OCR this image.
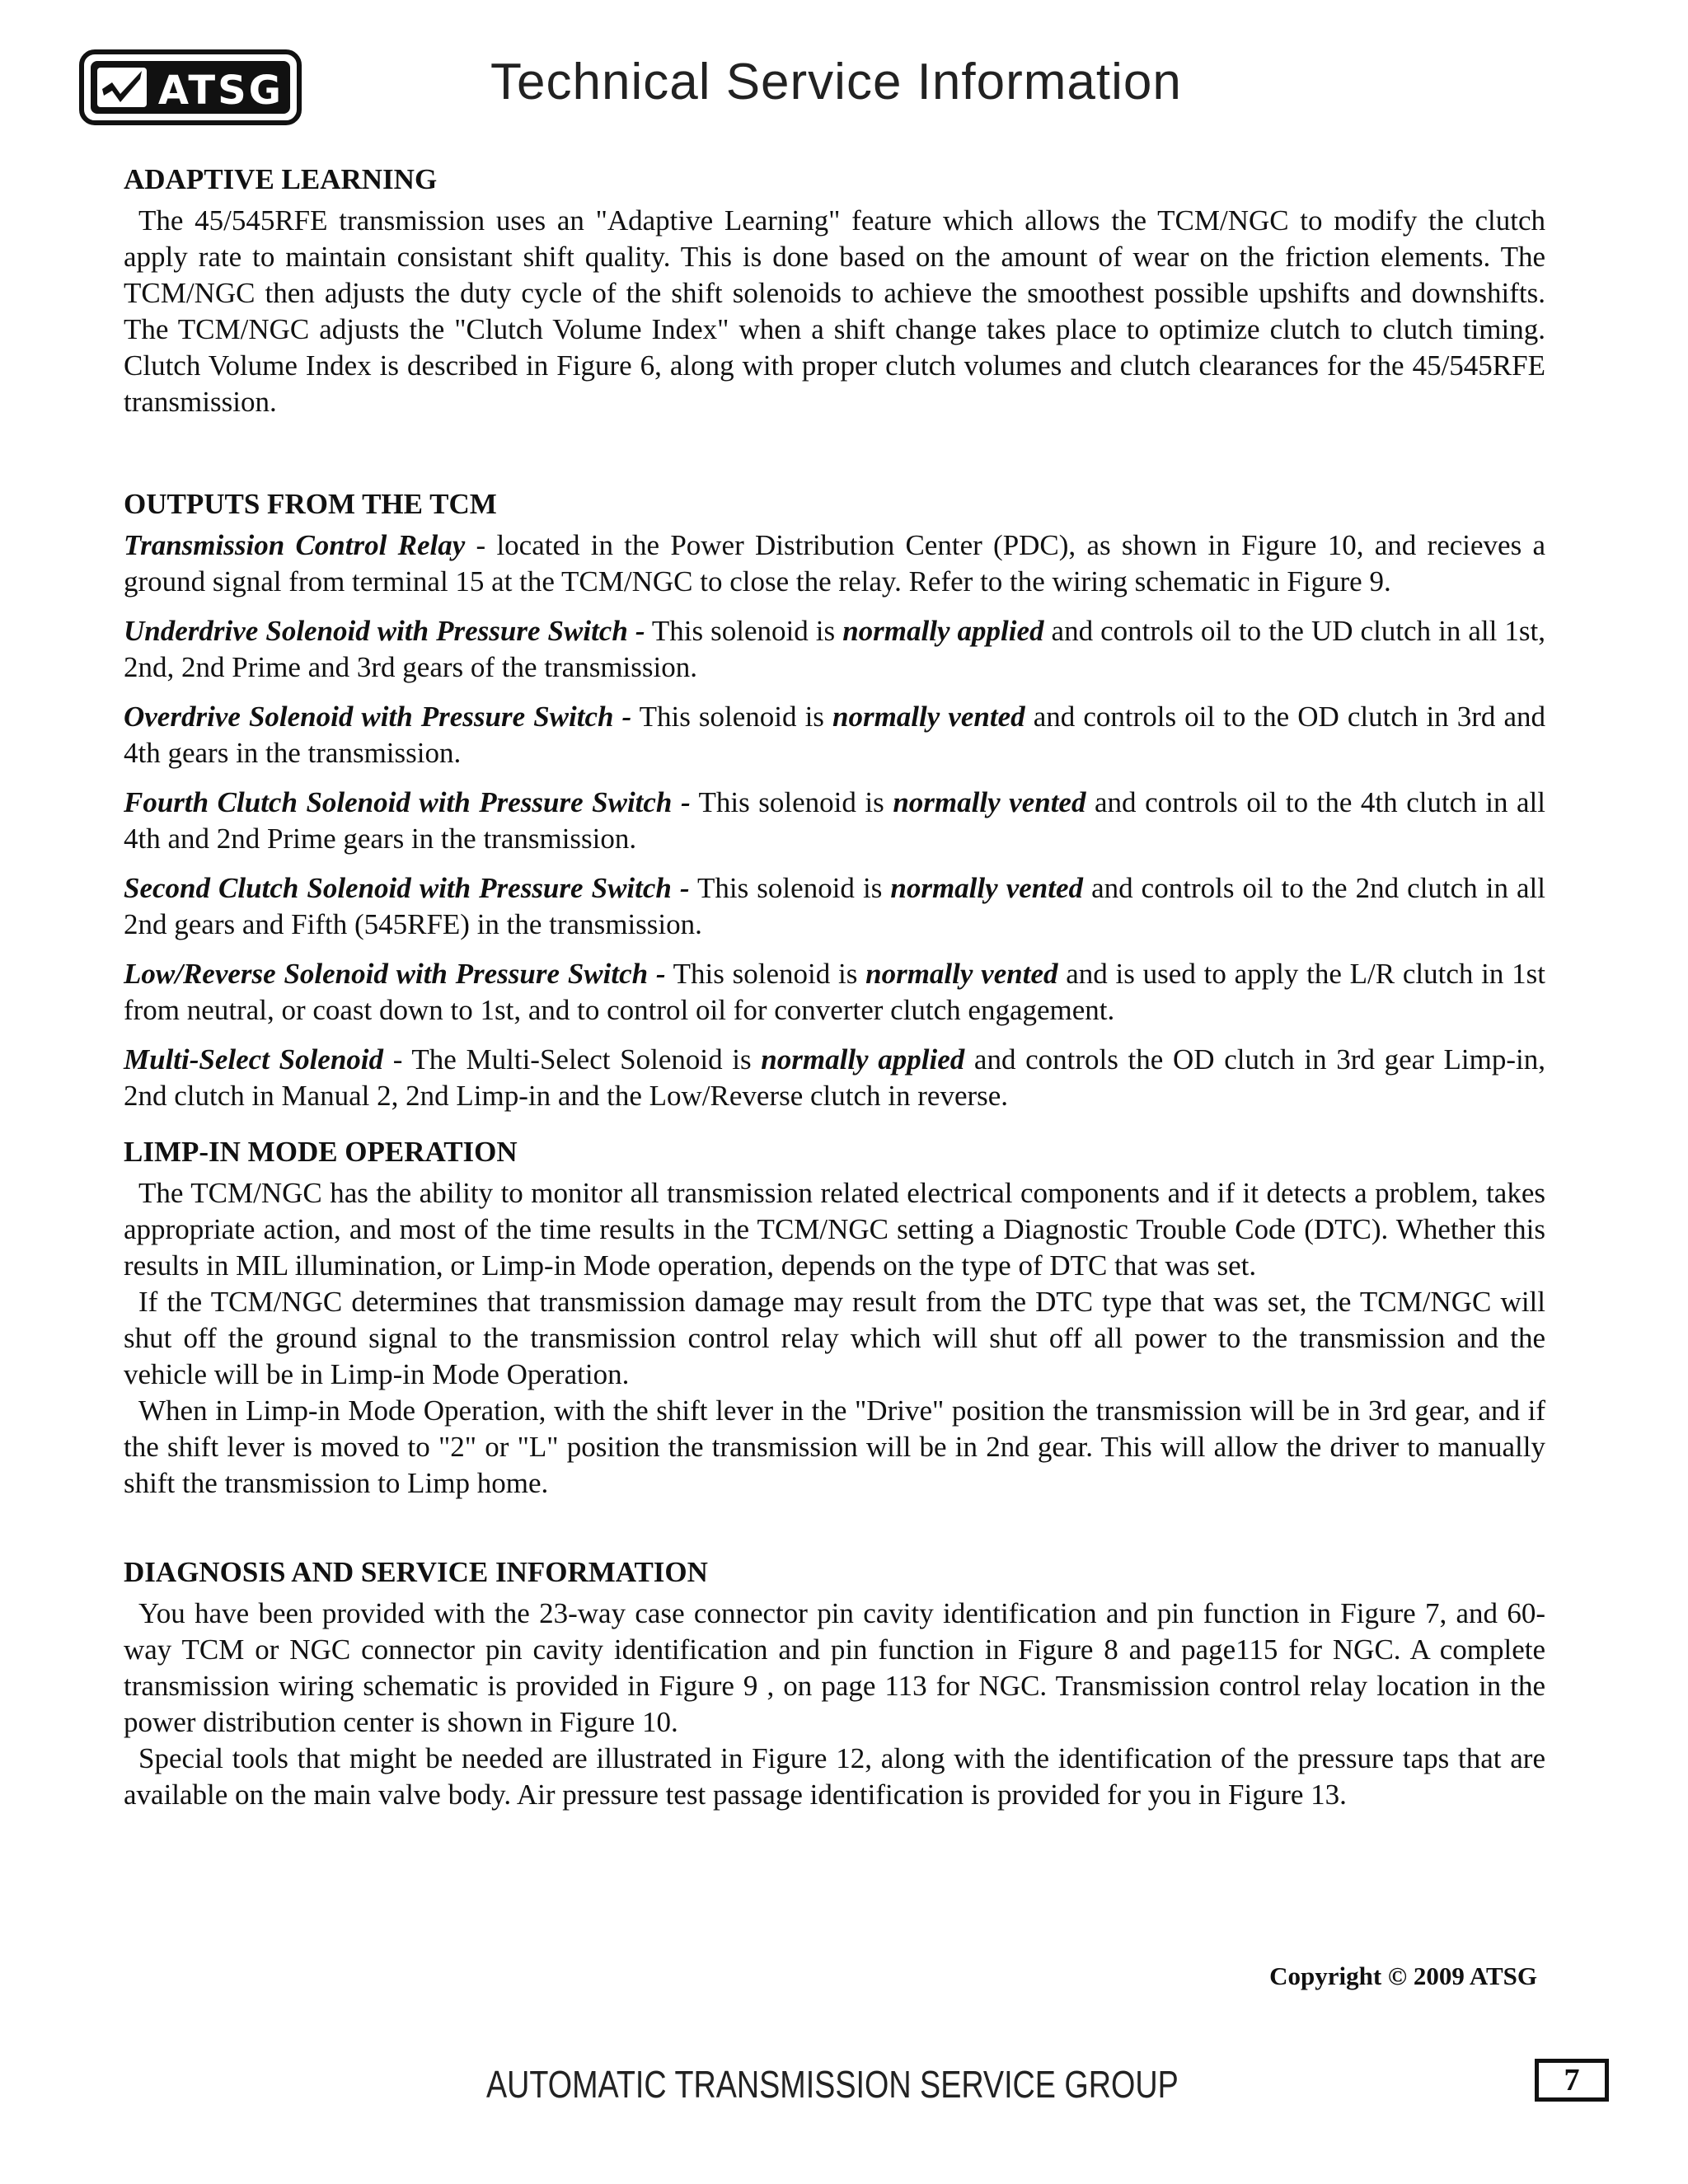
ATSG	Technical Service Information
ADAPTIVE LEARNING

The 45/545RFE transmission uses an "Adaptive Learning" feature which allows the TCM/NGC to modify the clutch apply rate to maintain consistant shift quality. This is done based on the amount of wear on the friction elements. The TCM/NGC then adjusts the duty cycle of the shift solenoids to achieve the smoothest possible upshifts and downshifts. The TCM/NGC adjusts the "Clutch Volume Index" when a shift change takes place to optimize clutch to clutch timing. Clutch Volume Index is described in Figure 6, along with proper clutch volumes and clutch clearances for the 45/545RFE transmission.

OUTPUTS FROM THE TCM

Transmission Control Relay - located in the Power Distribution Center (PDC), as shown in Figure 10, and recieves a ground signal from terminal 15 at the TCM/NGC to close the relay. Refer to the wiring schematic in Figure 9.

Underdrive Solenoid with Pressure Switch - This solenoid is normally applied and controls oil to the UD clutch in all 1st, 2nd, 2nd Prime and 3rd gears of the transmission.

Overdrive Solenoid with Pressure Switch - This solenoid is normally vented and controls oil to the OD clutch in 3rd and 4th gears in the transmission.

Fourth Clutch Solenoid with Pressure Switch - This solenoid is normally vented and controls oil to the 4th clutch in all 4th and 2nd Prime gears in the transmission.

Second Clutch Solenoid with Pressure Switch - This solenoid is normally vented and controls oil to the 2nd clutch in all 2nd gears and Fifth (545RFE) in the transmission.

Low/Reverse Solenoid with Pressure Switch - This solenoid is normally vented and is used to apply the L/R clutch in 1st from neutral, or coast down to 1st, and to control oil for converter clutch engagement.

Multi-Select Solenoid - The Multi-Select Solenoid is normally applied and controls the OD clutch in 3rd gear Limp-in, 2nd clutch in Manual 2, 2nd Limp-in and the Low/Reverse clutch in reverse.

LIMP-IN MODE OPERATION

The TCM/NGC has the ability to monitor all transmission related electrical components and if it detects a problem, takes appropriate action, and most of the time results in the TCM/NGC setting a Diagnostic Trouble Code (DTC). Whether this results in MIL illumination, or Limp-in Mode operation, depends on the type of DTC that was set.

If the TCM/NGC determines that transmission damage may result from the DTC type that was set, the TCM/NGC will shut off the ground signal to the transmission control relay which will shut off all power to the transmission and the vehicle will be in Limp-in Mode Operation.

When in Limp-in Mode Operation, with the shift lever in the "Drive" position the transmission will be in 3rd gear, and if the shift lever is moved to "2" or "L" position the transmission will be in 2nd gear. This will allow the driver to manually shift the transmission to Limp home.

DIAGNOSIS AND SERVICE INFORMATION

You have been provided with the 23-way case connector pin cavity identification and pin function in Figure 7, and 60-way TCM or NGC connector pin cavity identification and pin function in Figure 8 and page115 for NGC. A complete transmission wiring schematic is provided in Figure 9 , on page 113 for NGC. Transmission control relay location in the power distribution center is shown in Figure 10.

Special tools that might be needed are illustrated in Figure 12, along with the identification of the pressure taps that are available on the main valve body. Air pressure test passage identification is provided for you in Figure 13.

Copyright © 2009 ATSG
AUTOMATIC TRANSMISSION SERVICE GROUP	7
